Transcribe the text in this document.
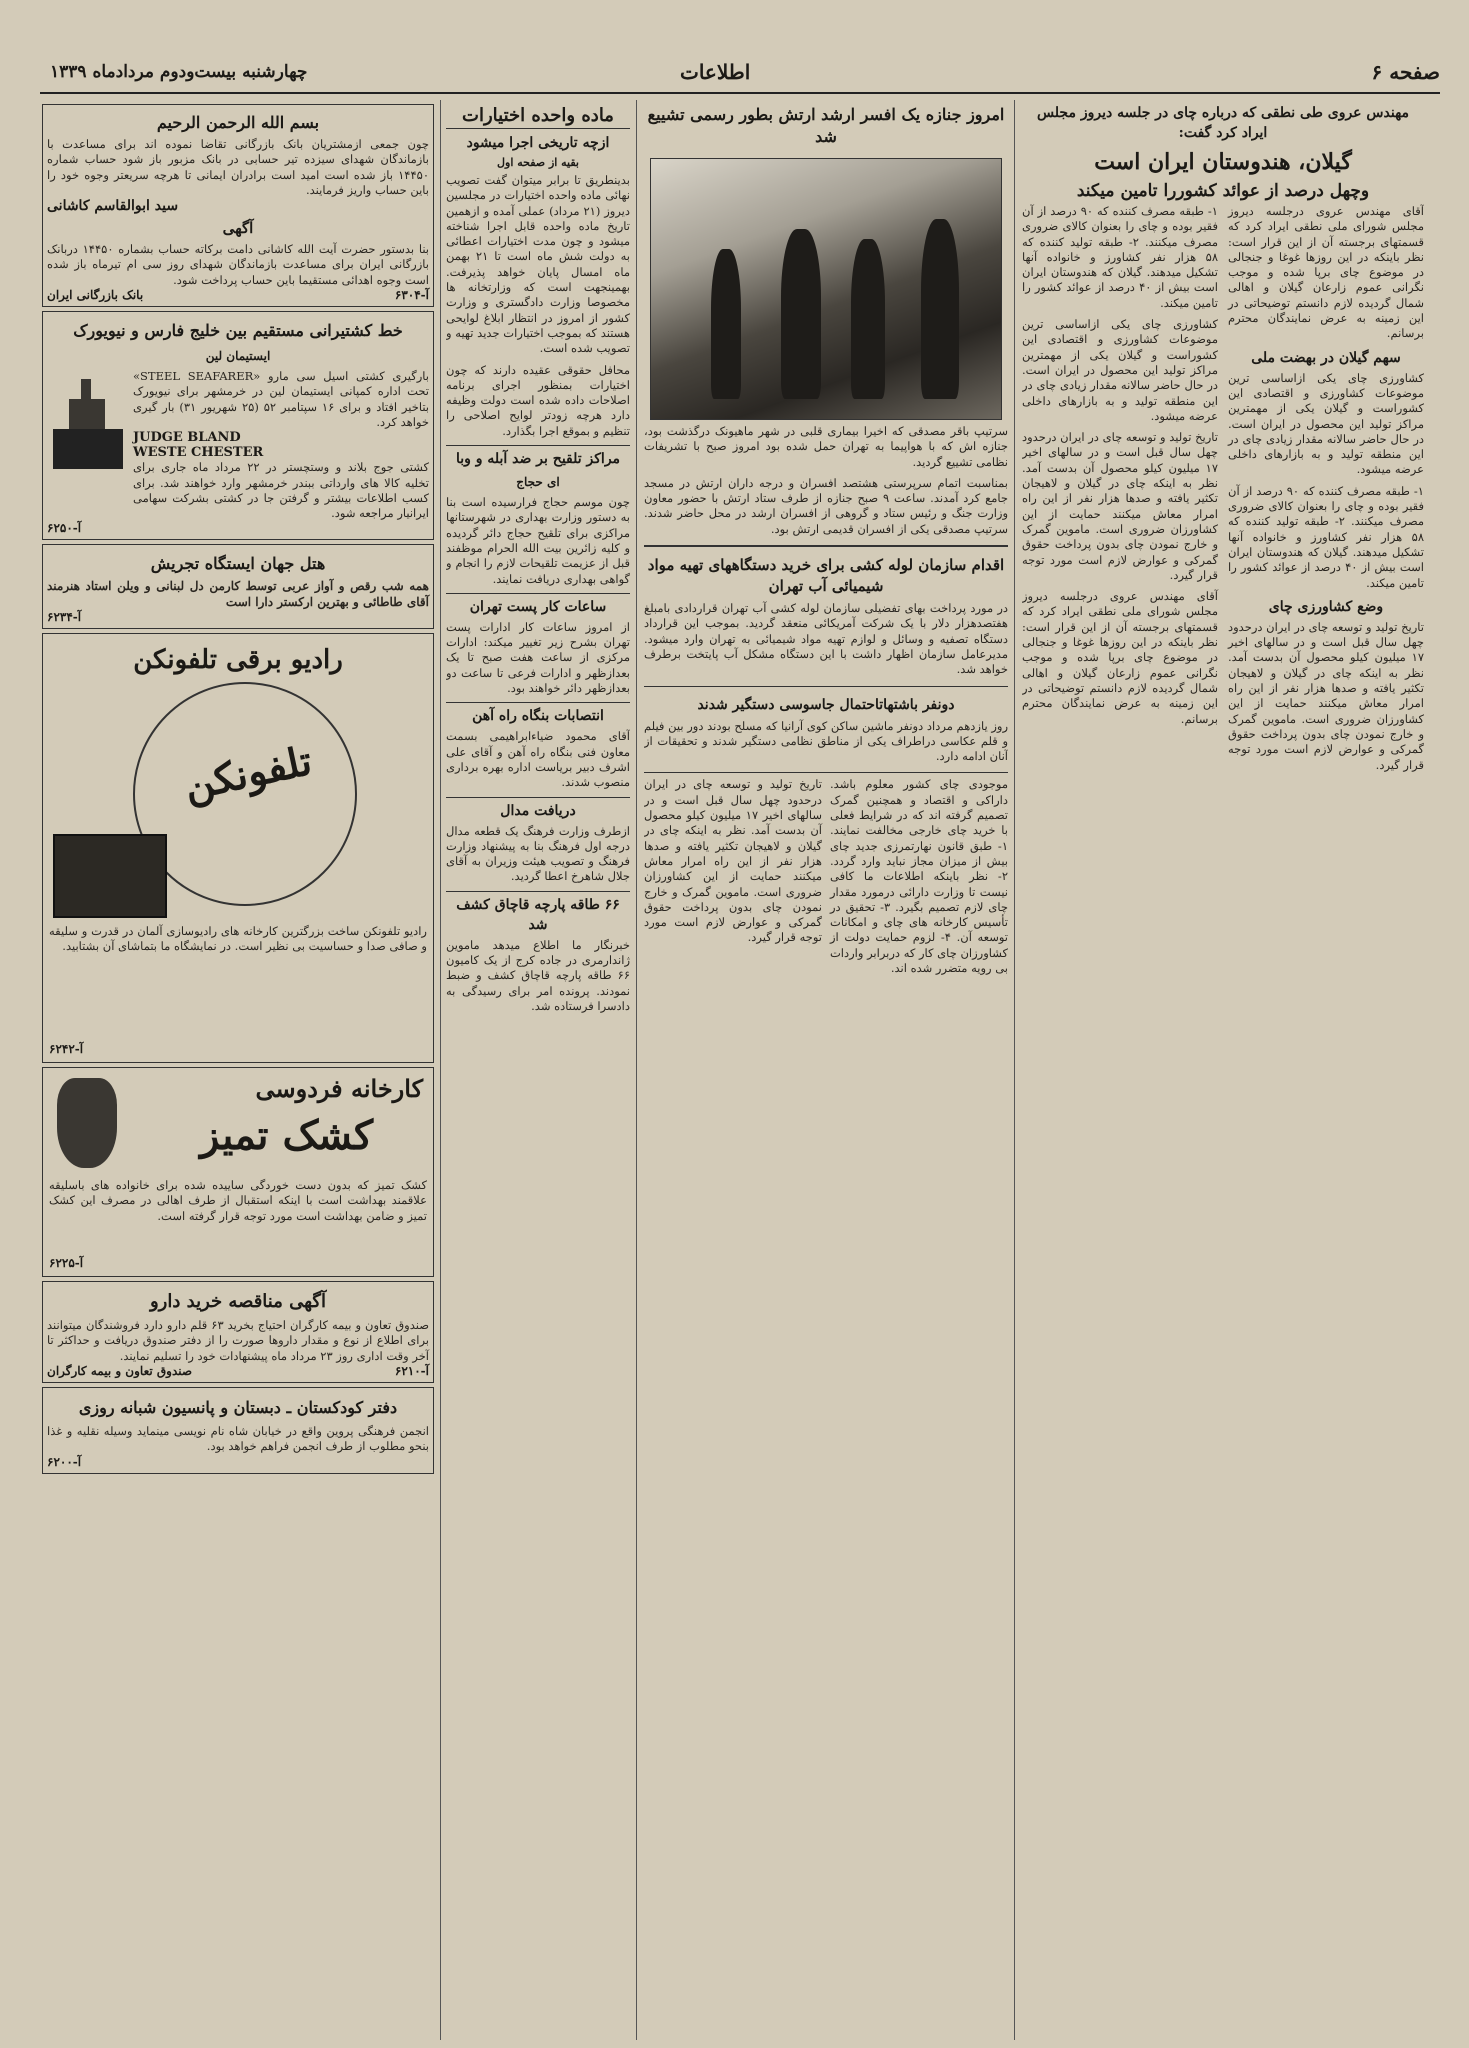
صفحه ۶
اطلاعات
چهارشنبه بیست‌ودوم مردادماه ۱۳۳۹
مهندس عروی طی نطقی که درباره چای در جلسه دیروز مجلس ایراد کرد گفت:
گیلان، هندوستان ایران است
وچهل درصد از عوائد کشوررا تامین میکند

آقای مهندس عروی درجلسه دیروز مجلس شورای ملی نطقی ایراد کرد که قسمتهای برجسته آن از این قرار است: نظر باینکه در این روزها غوغا و جنجالی در موضوع چای برپا شده و موجب نگرانی عموم زارعان گیلان و اهالی شمال گردیده لازم دانستم توضیحاتی در این زمینه به عرض نمایندگان محترم برسانم.

سهم گیلان در بهضت ملی

کشاورزی چای یکی ازاساسی ترین موضوعات کشاورزی و اقتصادی این کشوراست و گیلان یکی از مهمترین مراکز تولید این محصول در ایران است. در حال حاضر سالانه مقدار زیادی چای در این منطقه تولید و به بازارهای داخلی عرضه میشود.

۱- طبقه مصرف کننده که ۹۰ درصد از آن فقیر بوده و چای را بعنوان کالای ضروری مصرف میکنند. ۲- طبقه تولید کننده که ۵۸ هزار نفر کشاورز و خانواده آنها تشکیل میدهند. گیلان که هندوستان ایران است بیش از ۴۰ درصد از عوائد کشور را تامین میکند.

وضع کشاورزی چای

تاریخ تولید و توسعه چای در ایران درحدود چهل سال قبل است و در سالهای اخیر ۱۷ میلیون کیلو محصول آن بدست آمد. نظر به اینکه چای در گیلان و لاهیجان تکثیر یافته و صدها هزار نفر از این راه امرار معاش میکنند حمایت از این کشاورزان ضروری است. ماموین گمرک و خارج نمودن چای بدون پرداخت حقوق گمرکی و عوارض لازم است مورد توجه قرار گیرد.

۱- طبقه مصرف کننده که ۹۰ درصد از آن فقیر بوده و چای را بعنوان کالای ضروری مصرف میکنند. ۲- طبقه تولید کننده که ۵۸ هزار نفر کشاورز و خانواده آنها تشکیل میدهند. گیلان که هندوستان ایران است بیش از ۴۰ درصد از عوائد کشور را تامین میکند.

کشاورزی چای یکی ازاساسی ترین موضوعات کشاورزی و اقتصادی این کشوراست و گیلان یکی از مهمترین مراکز تولید این محصول در ایران است. در حال حاضر سالانه مقدار زیادی چای در این منطقه تولید و به بازارهای داخلی عرضه میشود.

تاریخ تولید و توسعه چای در ایران درحدود چهل سال قبل است و در سالهای اخیر ۱۷ میلیون کیلو محصول آن بدست آمد. نظر به اینکه چای در گیلان و لاهیجان تکثیر یافته و صدها هزار نفر از این راه امرار معاش میکنند حمایت از این کشاورزان ضروری است. ماموین گمرک و خارج نمودن چای بدون پرداخت حقوق گمرکی و عوارض لازم است مورد توجه قرار گیرد.

آقای مهندس عروی درجلسه دیروز مجلس شورای ملی نطقی ایراد کرد که قسمتهای برجسته آن از این قرار است: نظر باینکه در این روزها غوغا و جنجالی در موضوع چای برپا شده و موجب نگرانی عموم زارعان گیلان و اهالی شمال گردیده لازم دانستم توضیحاتی در این زمینه به عرض نمایندگان محترم برسانم.

امروز جنازه یک افسر ارشد ارتش بطور رسمی تشییع شد

سرتیپ باقر مصدقی که اخیرا بیماری قلبی در شهر ماهیونک درگذشت بود، جنازه اش که با هواپیما به تهران حمل شده بود امروز صبح با تشریفات نظامی تشییع گردید.

بمناسبت اتمام سرپرستی هشتصد افسران و درجه داران ارتش در مسجد جامع کرد آمدند. ساعت ۹ صبح جنازه از طرف ستاد ارتش با حضور معاون وزارت جنگ و رئیس ستاد و گروهی از افسران ارشد در محل حاضر شدند. سرتیپ مصدقی یکی از افسران قدیمی ارتش بود.

اقدام سازمان لوله کشی برای خرید دستگاههای تهیه مواد شیمیائی آب تهران

در مورد پرداخت بهای تفضیلی سازمان لوله کشی آب تهران قراردادی بامبلغ هفتصدهزار دلار با یک شرکت آمریکائی منعقد گردید. بموجب این قرارداد دستگاه تصفیه و وسائل و لوازم تهیه مواد شیمیائی به تهران وارد میشود. مدیرعامل سازمان اظهار داشت با این دستگاه مشکل آب پایتخت برطرف خواهد شد.

دونفر باشتهاتاحتمال جاسوسی دستگیر شدند

روز یازدهم مرداد دونفر ماشین ساکن کوی آرانیا که مسلح بودند دور بین فیلم و قلم عکاسی دراطراف یکی از مناطق نظامی دستگیر شدند و تحقیقات از آنان ادامه دارد.

موجودی چای کشور معلوم باشد. داراکی و اقتصاد و همچنین گمرک تصمیم گرفته اند که در شرایط فعلی با خرید چای خارجی مخالفت نمایند. ۱- طبق قانون نهارتمرزی جدید چای بیش از میزان مجاز نباید وارد گردد. ۲- نظر باینکه اطلاعات ما کافی نیست تا وزارت دارائی درمورد مقدار چای لازم تصمیم بگیرد. ۳- تحقیق در تأسیس کارخانه های چای و امکانات توسعه آن. ۴- لزوم حمایت دولت از کشاورزان چای کار که دربرابر واردات بی رویه متضرر شده اند.

تاریخ تولید و توسعه چای در ایران درحدود چهل سال قبل است و در سالهای اخیر ۱۷ میلیون کیلو محصول آن بدست آمد. نظر به اینکه چای در گیلان و لاهیجان تکثیر یافته و صدها هزار نفر از این راه امرار معاش میکنند حمایت از این کشاورزان ضروری است. ماموین گمرک و خارج نمودن چای بدون پرداخت حقوق گمرکی و عوارض لازم است مورد توجه قرار گیرد.

ماده واحده اختیارات
ازچه تاریخی اجرا میشود
بقیه از صفحه اول

بدینطریق تا برابر میتوان گفت تصویب نهائی ماده واحده اختیارات در مجلسین دیروز (۲۱ مرداد) عملی آمده و ازهمین تاریخ ماده واحده قابل اجرا شناخته میشود و چون مدت اختیارات اعطائی به دولت شش ماه است تا ۲۱ بهمن ماه امسال پایان خواهد پذیرفت. بهمینجهت است که وزارتخانه ها مخصوصا وزارت دادگستری و وزارت کشور از امروز در انتظار ابلاغ لوایحی هستند که بموجب اختیارات جدید تهیه و تصویب شده است.

محافل حقوقی عقیده دارند که چون اختیارات بمنظور اجرای برنامه اصلاحات داده شده است دولت وظیفه دارد هرچه زودتر لوایح اصلاحی را تنظیم و بموقع اجرا بگذارد.

مراکز تلقیح بر ضد آبله و وبا
ای حجاج

چون موسم حجاج فرارسیده است بنا به دستور وزارت بهداری در شهرستانها مراکزی برای تلقیح حجاج دائر گردیده و کلیه زائرین بیت الله الحرام موظفند قبل از عزیمت تلقیحات لازم را انجام و گواهی بهداری دریافت نمایند.

ساعات کار پست تهران

از امروز ساعات کار ادارات پست تهران بشرح زیر تغییر میکند: ادارات مرکزی از ساعت هفت صبح تا یک بعدازظهر و ادارات فرعی تا ساعت دو بعدازظهر دائر خواهند بود.

انتصابات بنگاه راه آهن

آقای محمود ضیاءابراهیمی بسمت معاون فنی بنگاه راه آهن و آقای علی اشرف دبیر بریاست اداره بهره برداری منصوب شدند.

دریافت مدال

ازطرف وزارت فرهنگ یک قطعه مدال درجه اول فرهنگ بنا به پیشنهاد وزارت فرهنگ و تصویب هیئت وزیران به آقای جلال شاهرخ اعطا گردید.

۶۶ طاقه پارچه قاچاق کشف شد

خبرنگار ما اطلاع میدهد ماموین ژاندارمری در جاده کرج از یک کامیون ۶۶ طاقه پارچه قاچاق کشف و ضبط نمودند. پرونده امر برای رسیدگی به دادسرا فرستاده شد.

بسم الله الرحمن الرحیم

چون جمعی ازمشتریان بانک بازرگانی تقاضا نموده اند برای مساعدت با بازماندگان شهدای سیزده تیر حسابی در بانک مزبور باز شود حساب شماره ۱۴۴۵۰ باز شده است امید است برادران ایمانی تا هرچه سریعتر وجوه خود را باین حساب واریز فرمایند.

سید ابوالقاسم کاشانی
آگهی

بنا بدستور حضرت آیت الله کاشانی دامت برکاته حساب بشماره ۱۴۴۵۰ دربانک بازرگانی ایران برای مساعدت بازماندگان شهدای روز سی ام تیرماه باز شده است وجوه اهدائی مستقیما باین حساب پرداخت شود.

آ-۶۳۰۴
بانک بازرگانی ایران
خط کشتیرانی مستقیم بین خلیج فارس و نیویورک
ایستیمان لین

بارگیری کشتی اسیل سی مارو «STEEL SEAFARER» تحت اداره کمپانی ایستیمان لین در خرمشهر برای نیویورک بتاخیر افتاد و برای ۱۶ سپتامبر ۵۲ (۲۵ شهریور ۳۱) بار گیری خواهد کرد.

JUDGE BLAND
WESTE CHESTER

کشتی جوج بلاند و وستچستر در ۲۲ مرداد ماه جاری برای تخلیه کالا های وارداتی ببندر خرمشهر وارد خواهند شد. برای کسب اطلاعات بیشتر و گرفتن جا در کشتی بشرکت سهامی ایرانیار مراجعه شود.

آ-۶۲۵۰
هتل جهان ایستگاه تجریش

همه شب رقص و آواز عربی توسط کارمن دل لبنانی و ویلن استاد هنرمند آقای طاطائی و بهترین ارکستر دارا است

آ-۶۲۳۴
رادیو برقی تلفونکن
تلفونکن

رادیو تلفونکن ساخت بزرگترین کارخانه های رادیوسازی آلمان در قدرت و سلیقه و صافی صدا و حساسیت بی نظیر است. در نمایشگاه ما بتماشای آن بشتابید.

آ-۶۲۴۲
کارخانه فردوسی
کشک تمیز

کشک تمیز که بدون دست خوردگی ساییده شده برای خانواده های باسلیقه علاقمند بهداشت است با اینکه استقبال از طرف اهالی در مصرف این کشک تمیز و ضامن بهداشت است مورد توجه قرار گرفته است.

آ-۶۲۲۵
آگهی مناقصه خرید دارو

صندوق تعاون و بیمه کارگران احتیاج بخرید ۶۳ قلم دارو دارد فروشندگان میتوانند برای اطلاع از نوع و مقدار داروها صورت را از دفتر صندوق دریافت و حداکثر تا آخر وقت اداری روز ۲۳ مرداد ماه پیشنهادات خود را تسلیم نمایند.

آ-۶۲۱۰
صندوق تعاون و بیمه کارگران
دفتر کودکستان ـ دبستان و پانسیون شبانه روزی

انجمن فرهنگی پروین واقع در خیابان شاه نام نویسی مینماید وسیله نقلیه و غذا بنحو مطلوب از طرف انجمن فراهم خواهد بود.

آ-۶۲۰۰
